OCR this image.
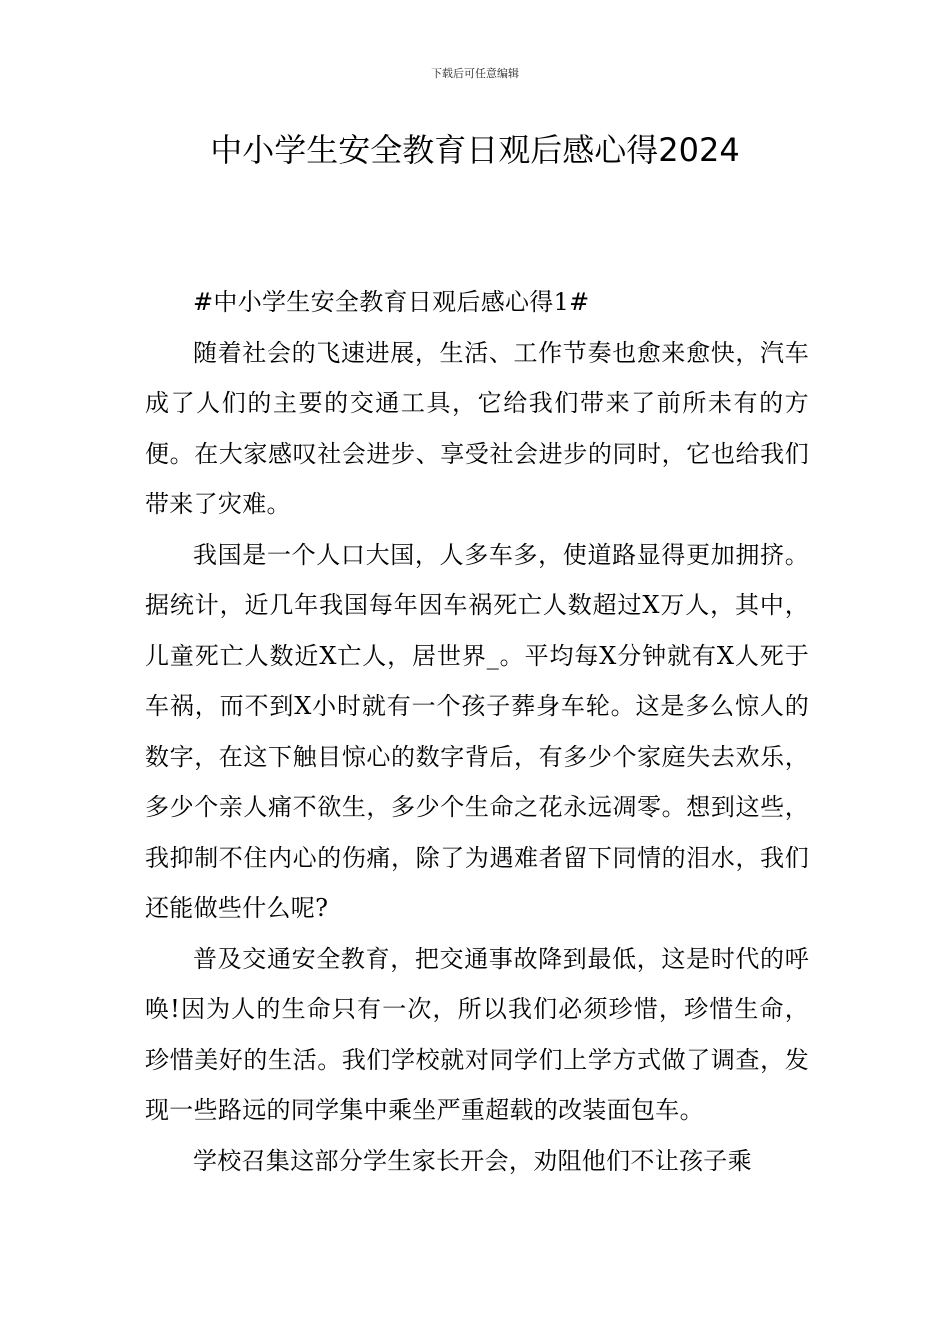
下载后可任意编辑
中小学生安全教育日观后感心得2024

#中小学生安全教育日观后感心得1#

随着社会的飞速进展，生活、工作节奏也愈来愈快，汽车成了人们的主要的交通工具，它给我们带来了前所未有的方便。在大家感叹社会进步、享受社会进步的同时，它也给我们带来了灾难。

我国是一个人口大国，人多车多，使道路显得更加拥挤。据统计，近几年我国每年因车祸死亡人数超过X万人，其中，儿童死亡人数近X亡人，居世界_。平均每X分钟就有X人死于车祸，而不到X小时就有一个孩子葬身车轮。这是多么惊人的数字，在这下触目惊心的数字背后，有多少个家庭失去欢乐，多少个亲人痛不欲生，多少个生命之花永远凋零。想到这些，我抑制不住内心的伤痛，除了为遇难者留下同情的泪水，我们还能做些什么呢?

普及交通安全教育，把交通事故降到最低，这是时代的呼唤!因为人的生命只有一次，所以我们必须珍惜，珍惜生命，珍惜美好的生活。我们学校就对同学们上学方式做了调查，发现一些路远的同学集中乘坐严重超载的改装面包车。

学校召集这部分学生家长开会，劝阻他们不让孩子乘
